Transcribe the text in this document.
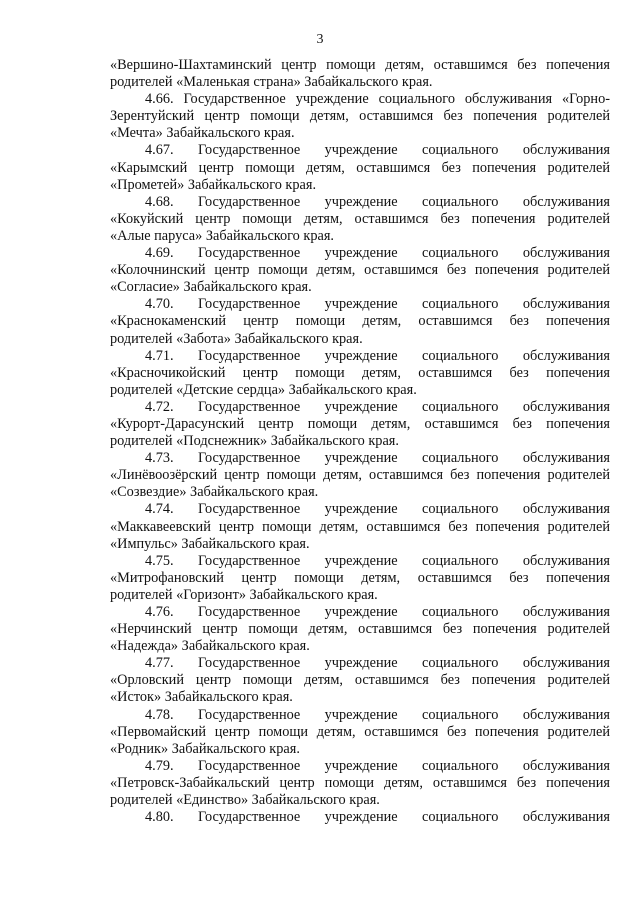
3
«Вершино-Шахтаминский центр помощи детям, оставшимся без попечения
родителей «Маленькая страна» Забайкальского края.
4.66. Государственное учреждение социального обслуживания «Горно-
Зерентуйский центр помощи детям, оставшимся без попечения родителей
«Мечта» Забайкальского края.
4.67. Государственное учреждение социального обслуживания
«Карымский центр помощи детям, оставшимся без попечения родителей
«Прометей» Забайкальского края.
4.68. Государственное учреждение социального обслуживания
«Кокуйский центр помощи детям, оставшимся без попечения родителей
«Алые паруса» Забайкальского края.
4.69. Государственное учреждение социального обслуживания
«Колочнинский центр помощи детям, оставшимся без попечения родителей
«Согласие» Забайкальского края.
4.70. Государственное учреждение социального обслуживания
«Краснокаменский центр помощи детям, оставшимся без попечения
родителей «Забота» Забайкальского края.
4.71. Государственное учреждение социального обслуживания
«Красночикойский центр помощи детям, оставшимся без попечения
родителей «Детские сердца» Забайкальского края.
4.72. Государственное учреждение социального обслуживания
«Курорт-Дарасунский центр помощи детям, оставшимся без попечения
родителей «Подснежник» Забайкальского края.
4.73. Государственное учреждение социального обслуживания
«Линёвоозёрский центр помощи детям, оставшимся без попечения родителей
«Созвездие» Забайкальского края.
4.74. Государственное учреждение социального обслуживания
«Маккавеевский центр помощи детям, оставшимся без попечения родителей
«Импульс» Забайкальского края.
4.75. Государственное учреждение социального обслуживания
«Митрофановский центр помощи детям, оставшимся без попечения
родителей «Горизонт» Забайкальского края.
4.76. Государственное учреждение социального обслуживания
«Нерчинский центр помощи детям, оставшимся без попечения родителей
«Надежда» Забайкальского края.
4.77. Государственное учреждение социального обслуживания
«Орловский центр помощи детям, оставшимся без попечения родителей
«Исток» Забайкальского края.
4.78. Государственное учреждение социального обслуживания
«Первомайский центр помощи детям, оставшимся без попечения родителей
«Родник» Забайкальского края.
4.79. Государственное учреждение социального обслуживания
«Петровск-Забайкальский центр помощи детям, оставшимся без попечения
родителей «Единство» Забайкальского края.
4.80. Государственное учреждение социального обслуживания
